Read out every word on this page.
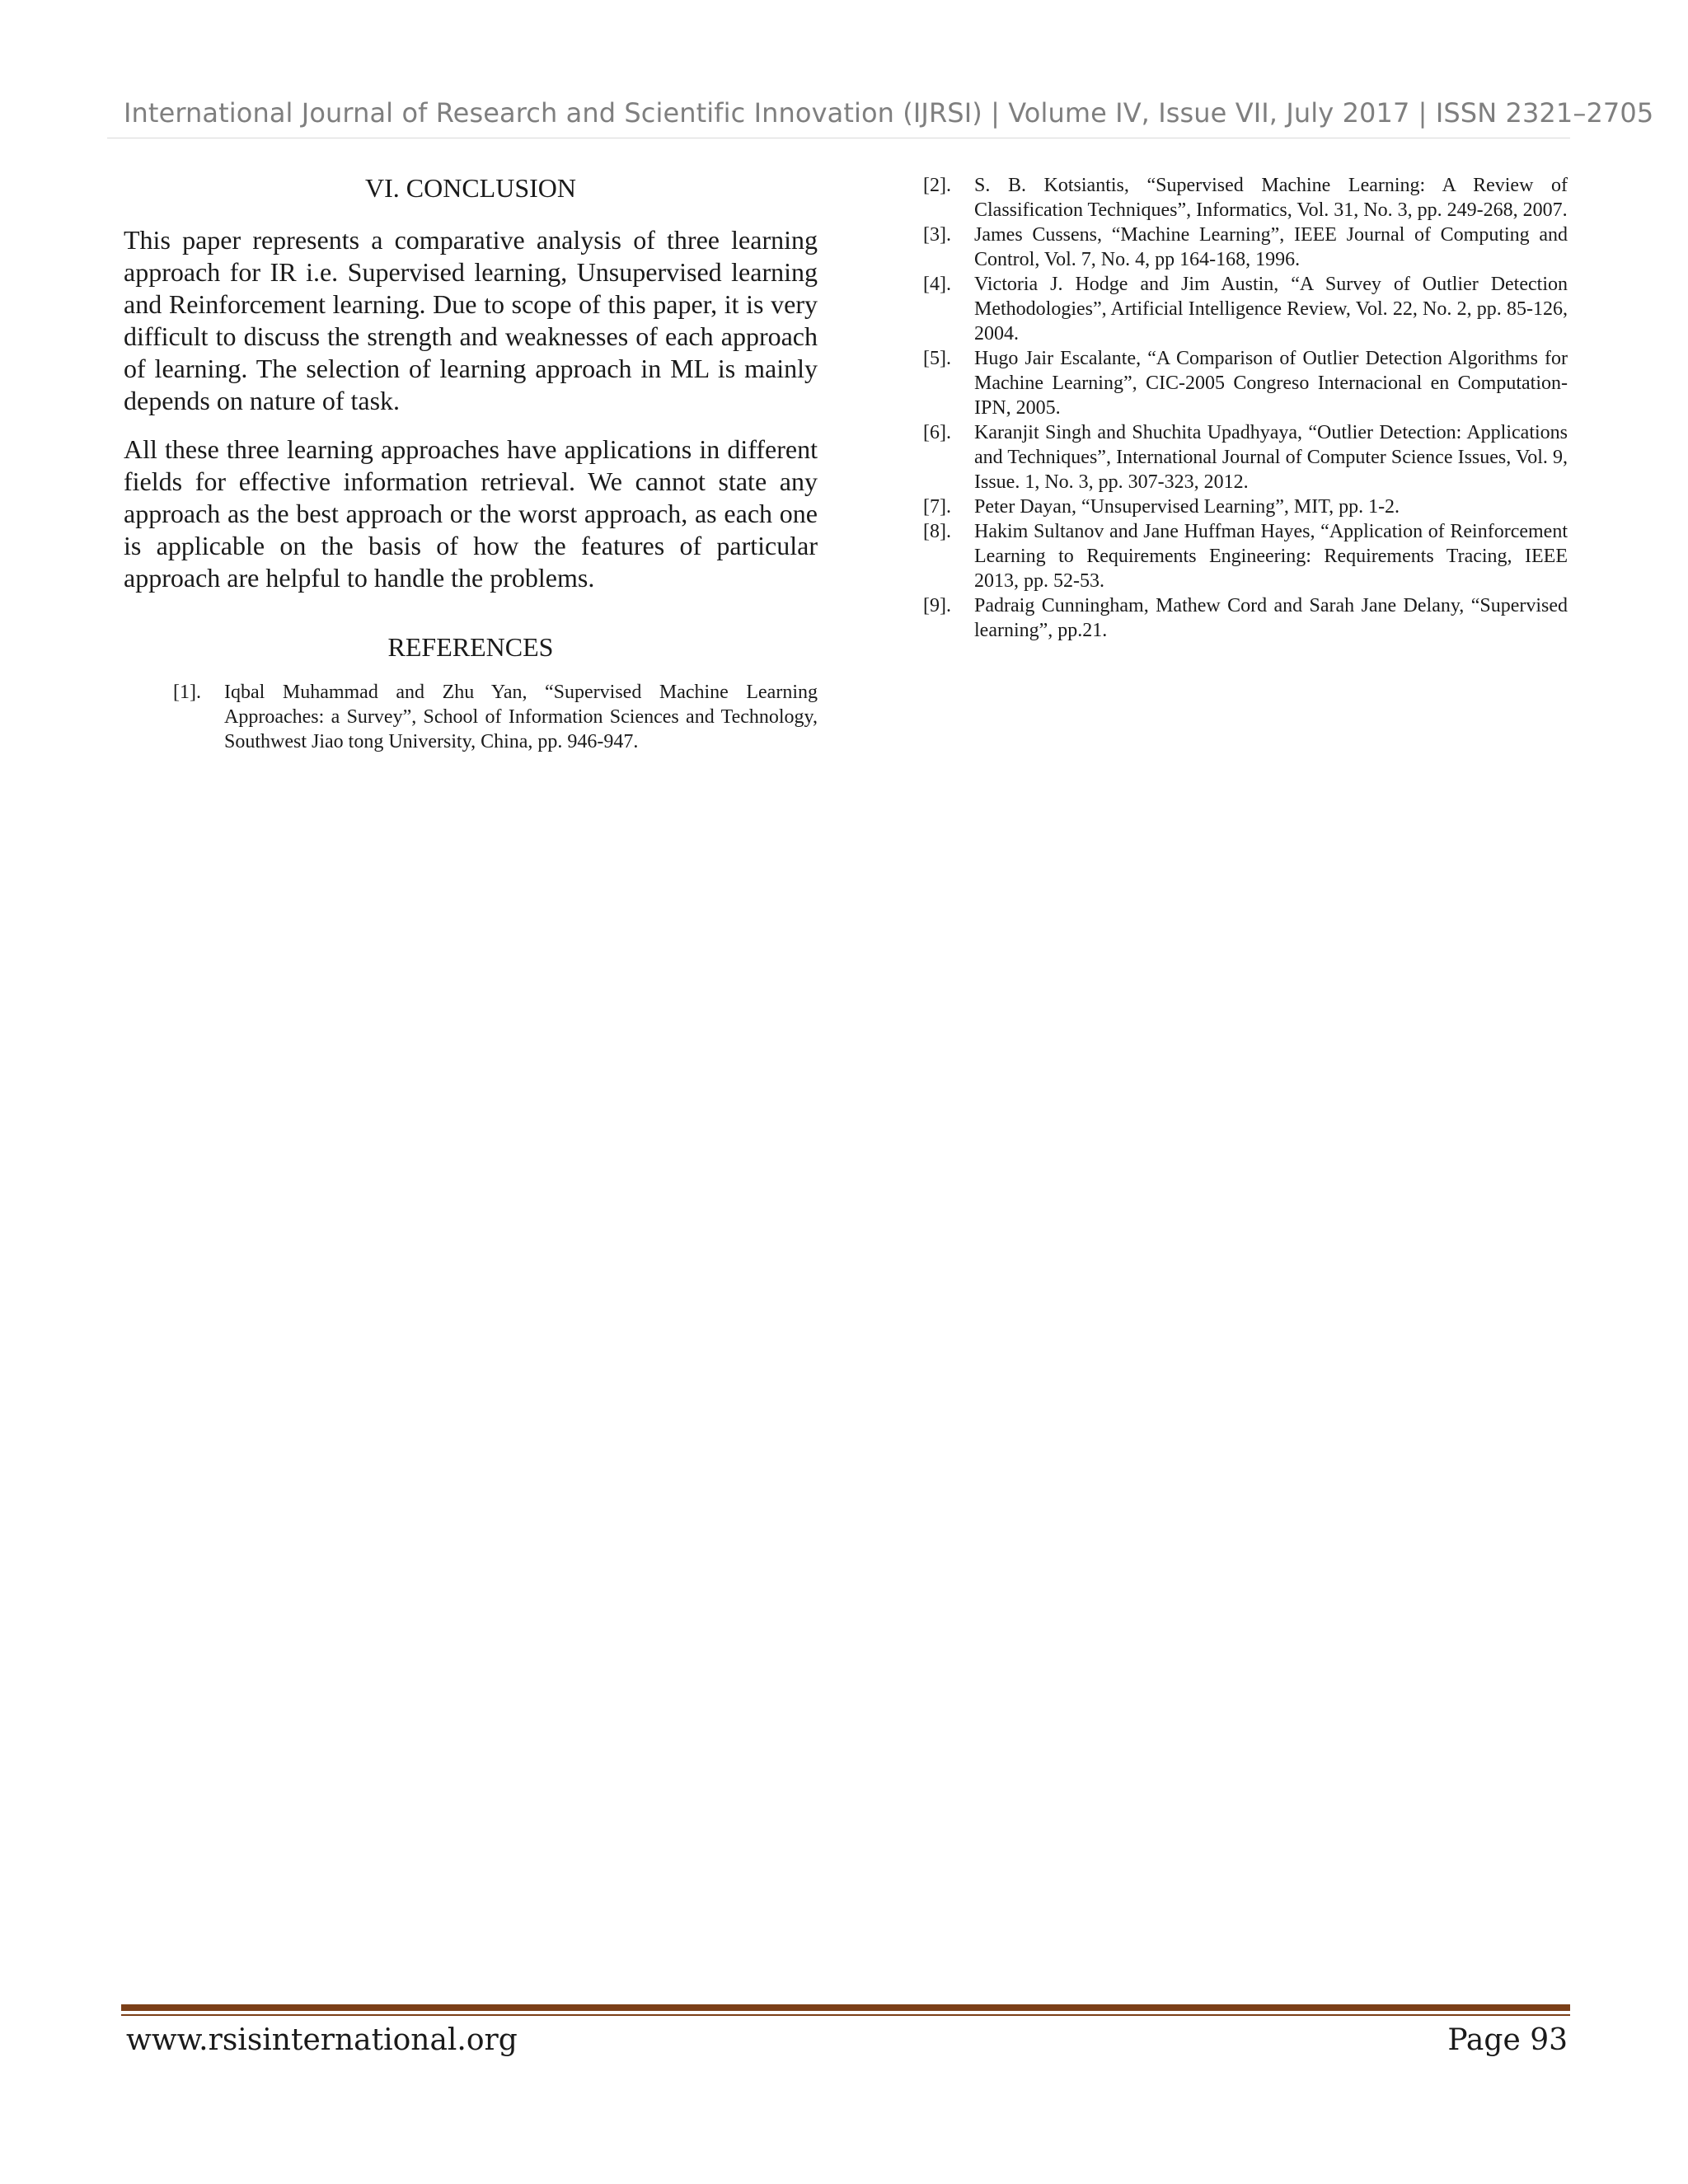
International Journal of Research and Scientific Innovation (IJRSI) | Volume IV, Issue VII, July 2017 | ISSN 2321–2705
VI. CONCLUSION

This paper represents a comparative analysis of three learning approach for IR i.e. Supervised learning, Unsupervised learning and Reinforcement learning. Due to scope of this paper, it is very difficult to discuss the strength and weaknesses of each approach of learning. The selection of learning approach in ML is mainly depends on nature of task.

All these three learning approaches have applications in different fields for effective information retrieval. We cannot state any approach as the best approach or the worst approach, as each one is applicable on the basis of how the features of particular approach are helpful to handle the problems.

REFERENCES
[1]. Iqbal Muhammad and Zhu Yan, “Supervised Machine Learning Approaches: a Survey”, School of Information Sciences and Technology, Southwest Jiao tong University, China, pp. 946-947.
[2]. S. B. Kotsiantis, “Supervised Machine Learning: A Review of Classification Techniques”, Informatics, Vol. 31, No. 3, pp. 249-268, 2007.
[3]. James Cussens, “Machine Learning”, IEEE Journal of Computing and Control, Vol. 7, No. 4, pp 164-168, 1996.
[4]. Victoria J. Hodge and Jim Austin, “A Survey of Outlier Detection Methodologies”, Artificial Intelligence Review, Vol. 22, No. 2, pp. 85-126, 2004.
[5]. Hugo Jair Escalante, “A Comparison of Outlier Detection Algorithms for Machine Learning”, CIC-2005 Congreso Internacional en Computation-IPN, 2005.
[6]. Karanjit Singh and Shuchita Upadhyaya, “Outlier Detection: Applications and Techniques”, International Journal of Computer Science Issues, Vol. 9, Issue. 1, No. 3, pp. 307-323, 2012.
[7]. Peter Dayan, “Unsupervised Learning”, MIT, pp. 1-2.
[8]. Hakim Sultanov and Jane Huffman Hayes, “Application of Reinforcement Learning to Requirements Engineering: Requirements Tracing, IEEE 2013, pp. 52-53.
[9]. Padraig Cunningham, Mathew Cord and Sarah Jane Delany, “Supervised learning”, pp.21.
www.rsisinternational.org	Page 93
